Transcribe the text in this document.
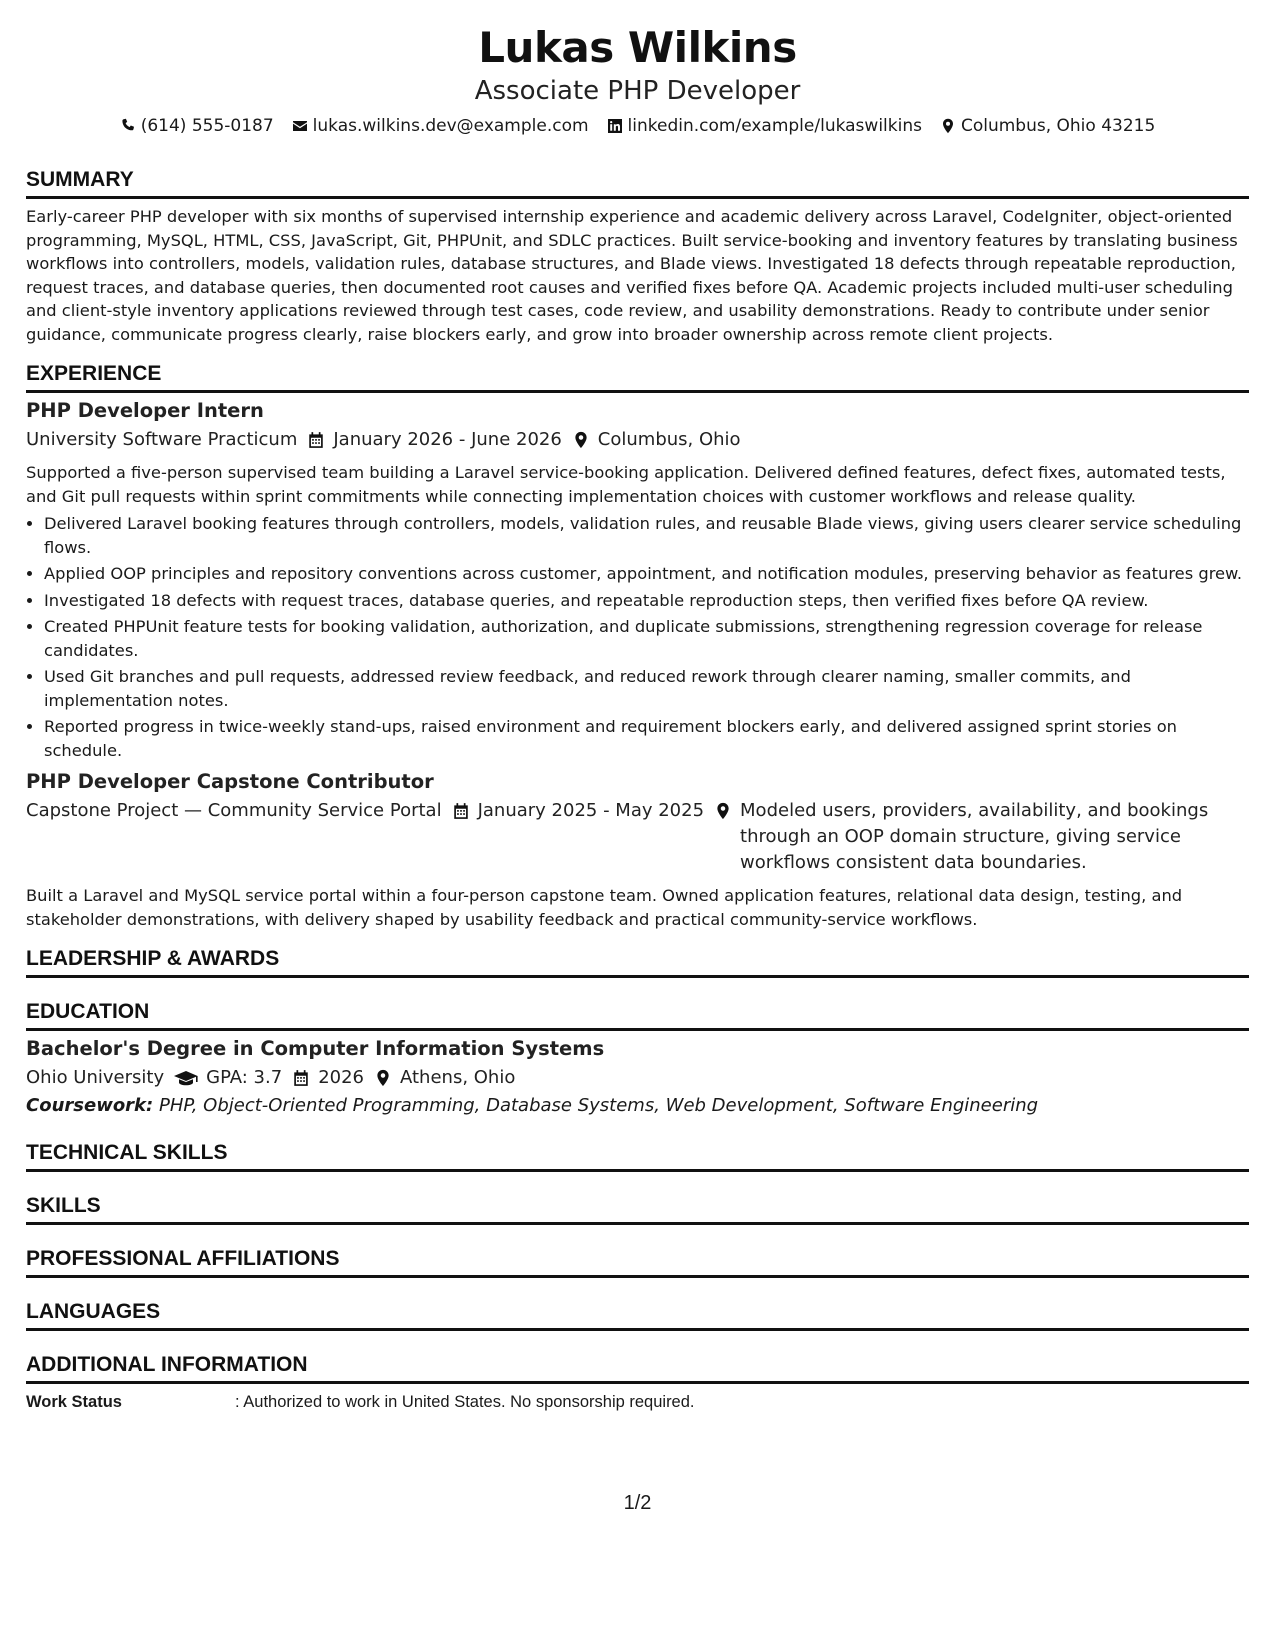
Lukas Wilkins
Associate PHP Developer
(614) 555-0187 lukas.wilkins.dev@example.com linkedin.com/example/lukaswilkins Columbus, Ohio 43215
SUMMARY

Early-career PHP developer with six months of supervised internship experience and academic delivery across Laravel, CodeIgniter, object-oriented programming, MySQL, HTML, CSS, JavaScript, Git, PHPUnit, and SDLC practices. Built service-booking and inventory features by translating business workflows into controllers, models, validation rules, database structures, and Blade views. Investigated 18 defects through repeatable reproduction, request traces, and database queries, then documented root causes and verified fixes before QA. Academic projects included multi-user scheduling and client-style inventory applications reviewed through test cases, code review, and usability demonstrations. Ready to contribute under senior guidance, communicate progress clearly, raise blockers early, and grow into broader ownership across remote client projects.

EXPERIENCE
PHP Developer Intern
University Software Practicum January 2026 - June 2026 Columbus, Ohio

Supported a five-person supervised team building a Laravel service-booking application. Delivered defined features, defect fixes, automated tests, and Git pull requests within sprint commitments while connecting implementation choices with customer workflows and release quality.

• Delivered Laravel booking features through controllers, models, validation rules, and reusable Blade views, giving users clearer service scheduling flows.
• Applied OOP principles and repository conventions across customer, appointment, and notification modules, preserving behavior as features grew.
• Investigated 18 defects with request traces, database queries, and repeatable reproduction steps, then verified fixes before QA review.
• Created PHPUnit feature tests for booking validation, authorization, and duplicate submissions, strengthening regression coverage for release candidates.
• Used Git branches and pull requests, addressed review feedback, and reduced rework through clearer naming, smaller commits, and implementation notes.
• Reported progress in twice-weekly stand-ups, raised environment and requirement blockers early, and delivered assigned sprint stories on schedule.
PHP Developer Capstone Contributor
Capstone Project — Community Service Portal January 2025 - May 2025 Modeled users, providers, availability, and bookings through an OOP domain structure, giving service workflows consistent data boundaries.

Built a Laravel and MySQL service portal within a four-person capstone team. Owned application features, relational data design, testing, and stakeholder demonstrations, with delivery shaped by usability feedback and practical community-service workflows.

LEADERSHIP & AWARDS
EDUCATION
Bachelor's Degree in Computer Information Systems
Ohio University GPA: 3.7 2026 Athens, Ohio
Coursework: PHP, Object-Oriented Programming, Database Systems, Web Development, Software Engineering
TECHNICAL SKILLS
SKILLS
PROFESSIONAL AFFILIATIONS
LANGUAGES
ADDITIONAL INFORMATION
Work Status	: Authorized to work in United States. No sponsorship required.
1/2
